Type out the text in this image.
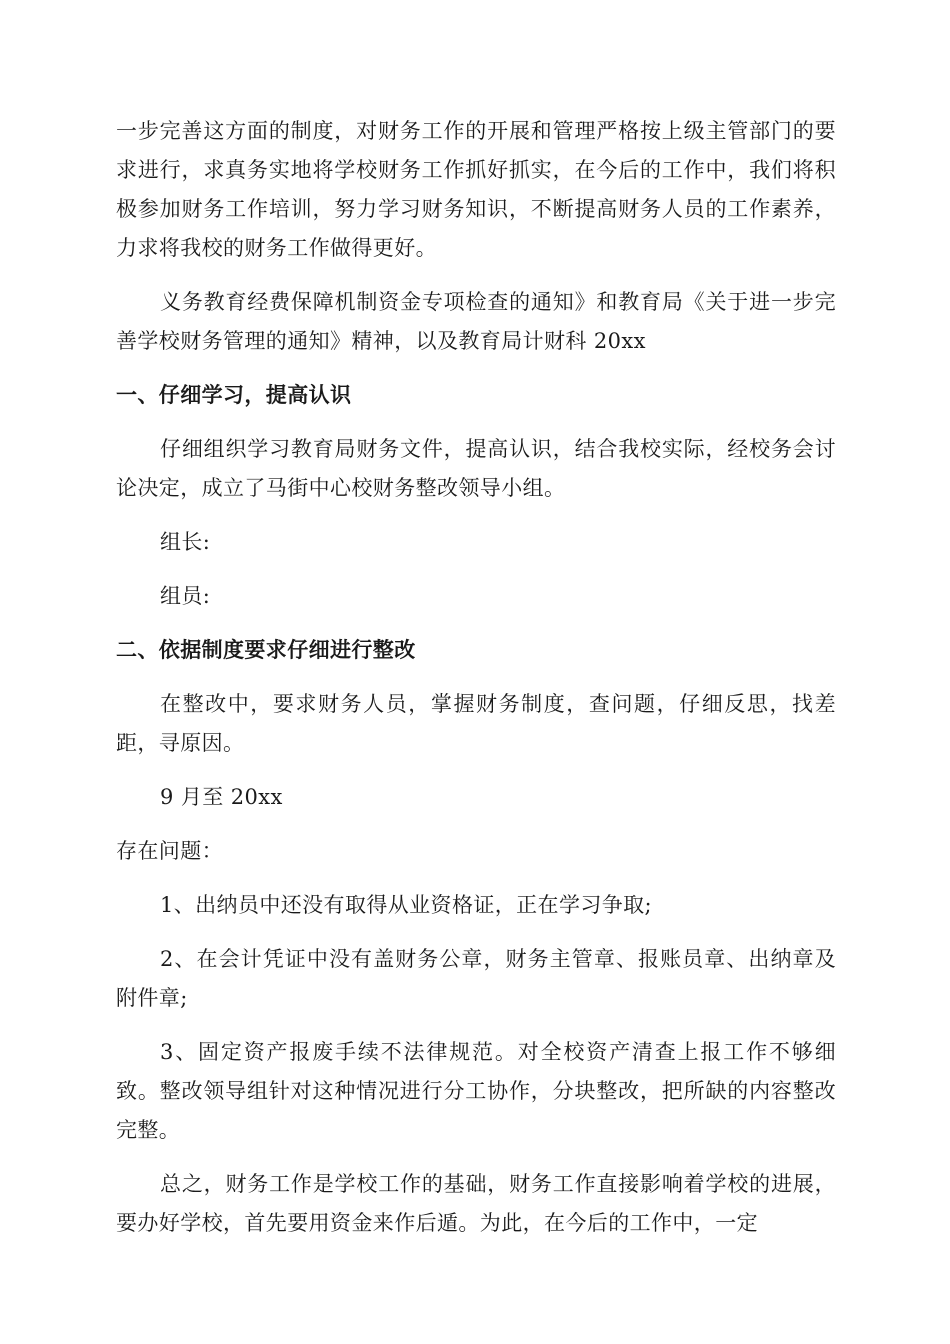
一步完善这方面的制度，对财务工作的开展和管理严格按上级主管部门的要求进行，求真务实地将学校财务工作抓好抓实，在今后的工作中，我们将积极参加财务工作培训，努力学习财务知识，不断提高财务人员的工作素养，力求将我校的财务工作做得更好。

义务教育经费保障机制资金专项检查的通知》和教育局《关于进一步完善学校财务管理的通知》精神，以及教育局计财科 20xx

一、仔细学习，提高认识

仔细组织学习教育局财务文件，提高认识，结合我校实际，经校务会讨论决定，成立了马街中心校财务整改领导小组。

组长:

组员:

二、依据制度要求仔细进行整改

在整改中，要求财务人员，掌握财务制度，查问题，仔细反思，找差距，寻原因。

9 月至 20xx

存在问题：

1、出纳员中还没有取得从业资格证，正在学习争取;

2、在会计凭证中没有盖财务公章，财务主管章、报账员章、出纳章及附件章;

3、固定资产报废手续不法律规范。对全校资产清查上报工作不够细致。整改领导组针对这种情况进行分工协作，分块整改，把所缺的内容整改完整。

总之，财务工作是学校工作的基础，财务工作直接影响着学校的进展，要办好学校，首先要用资金来作后遁。为此，在今后的工作中，一定
